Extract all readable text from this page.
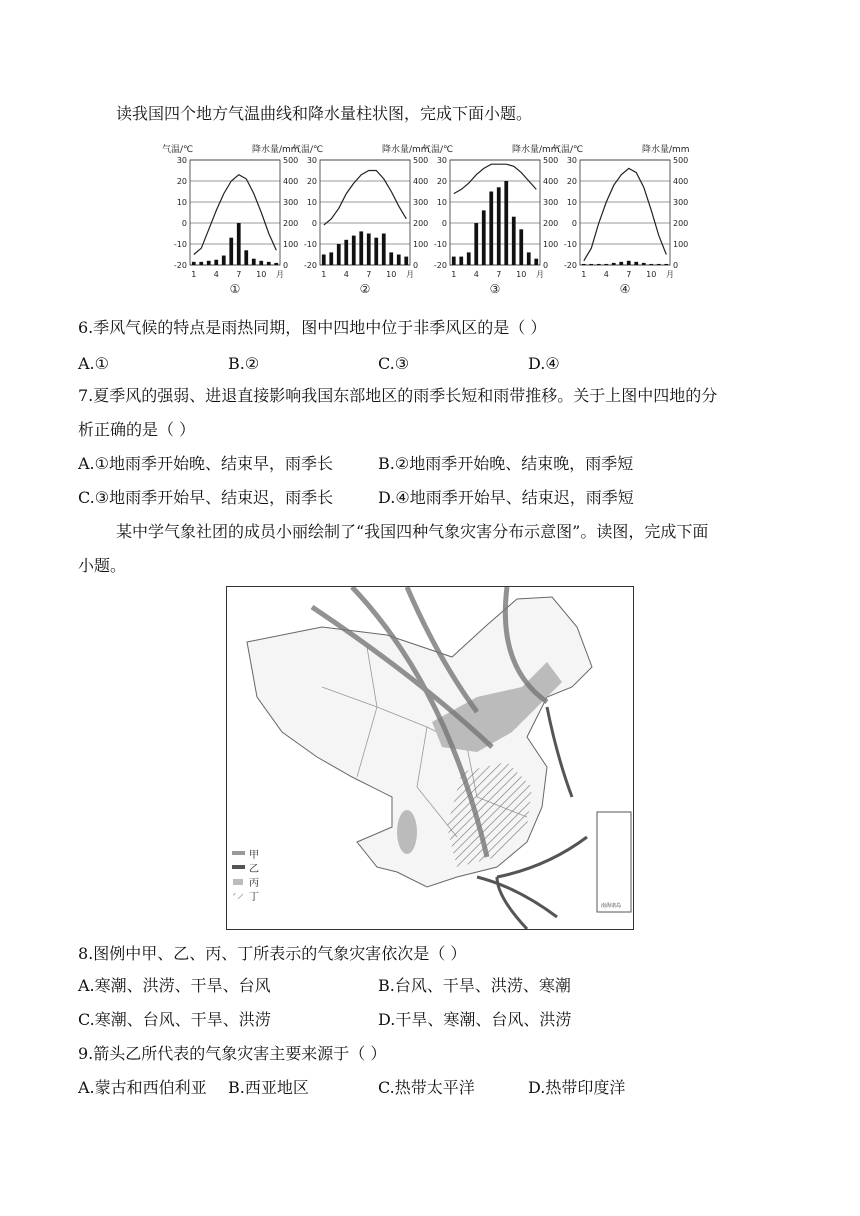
读我国四个地方气温曲线和降水量柱状图，完成下面小题。
气温/℃	降水量/mm
-20	0
-10	100
0	200
10	300
20	400
30	500
1 4 7 10 月
①
气温/℃	降水量/mm
-20	0
-10	100
0	200
10	300
20	400
30	500
1 4 7 10 月
②
气温/℃	降水量/mm
-20	0
-10	100
0	200
10	300
20	400
30	500
1 4 7 10 月
③
气温/℃	降水量/mm
-20	0
-10	100
0	200
10	300
20	400
30	500
1 4 7 10 月
④
6.季风气候的特点是雨热同期，图中四地中位于非季风区的是（ ）
A.①	B.②	C.③	D.④
7.夏季风的强弱、进退直接影响我国东部地区的雨季长短和雨带推移。关于上图中四地的分
析正确的是（ ）
A.①地雨季开始晚、结束早，雨季长	B.②地雨季开始晚、结束晚，雨季短
C.③地雨季开始早、结束迟，雨季长	D.④地雨季开始早、结束迟，雨季短
某中学气象社团的成员小丽绘制了“我国四种气象灾害分布示意图”。读图，完成下面
小题。
甲
乙
丙
丁
南海诸岛
8.图例中甲、乙、丙、丁所表示的气象灾害依次是（ ）
A.寒潮、洪涝、干旱、台风	B.台风、干旱、洪涝、寒潮
C.寒潮、台风、干旱、洪涝	D.干旱、寒潮、台风、洪涝
9.箭头乙所代表的气象灾害主要来源于（ ）
A.蒙古和西伯利亚 B.西亚地区	C.热带太平洋	D.热带印度洋
